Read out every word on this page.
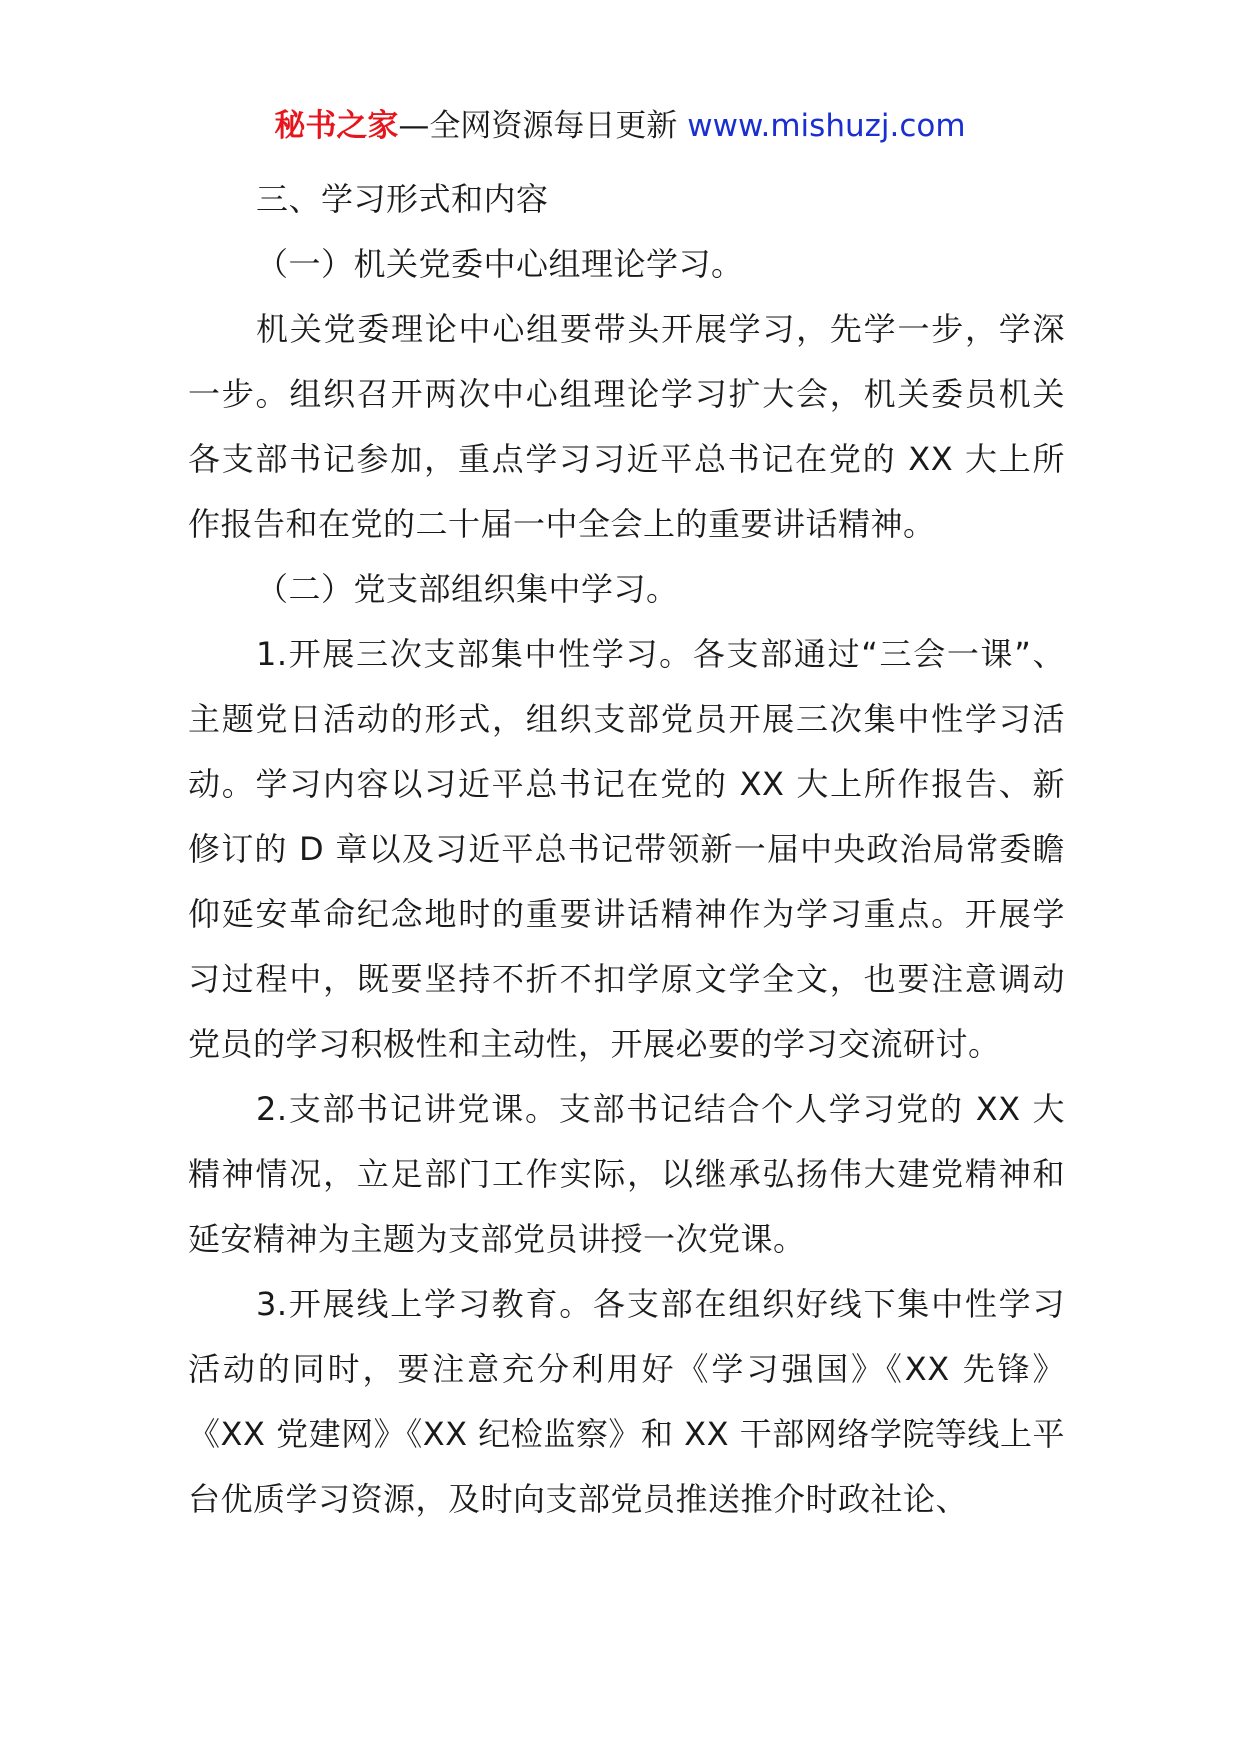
秘书之家—全网资源每日更新 www.mishuzj.com

三、学习形式和内容

（一）机关党委中心组理论学习。

机关党委理论中心组要带头开展学习，先学一步，学深一步。组织召开两次中心组理论学习扩大会，机关委员机关各支部书记参加，重点学习习近平总书记在党的 XX 大上所作报告和在党的二十届一中全会上的重要讲话精神。

（二）党支部组织集中学习。

1.开展三次支部集中性学习。各支部通过“三会一课”、主题党日活动的形式，组织支部党员开展三次集中性学习活动。学习内容以习近平总书记在党的 XX 大上所作报告、新修订的 D 章以及习近平总书记带领新一届中央政治局常委瞻仰延安革命纪念地时的重要讲话精神作为学习重点。开展学习过程中，既要坚持不折不扣学原文学全文，也要注意调动党员的学习积极性和主动性，开展必要的学习交流研讨。

2.支部书记讲党课。支部书记结合个人学习党的 XX 大精神情况，立足部门工作实际，以继承弘扬伟大建党精神和延安精神为主题为支部党员讲授一次党课。

3.开展线上学习教育。各支部在组织好线下集中性学习活动的同时，要注意充分利用好《学习强国》《XX 先锋》《XX 党建网》《XX 纪检监察》和 XX 干部网络学院等线上平台优质学习资源，及时向支部党员推送推介时政社论、
